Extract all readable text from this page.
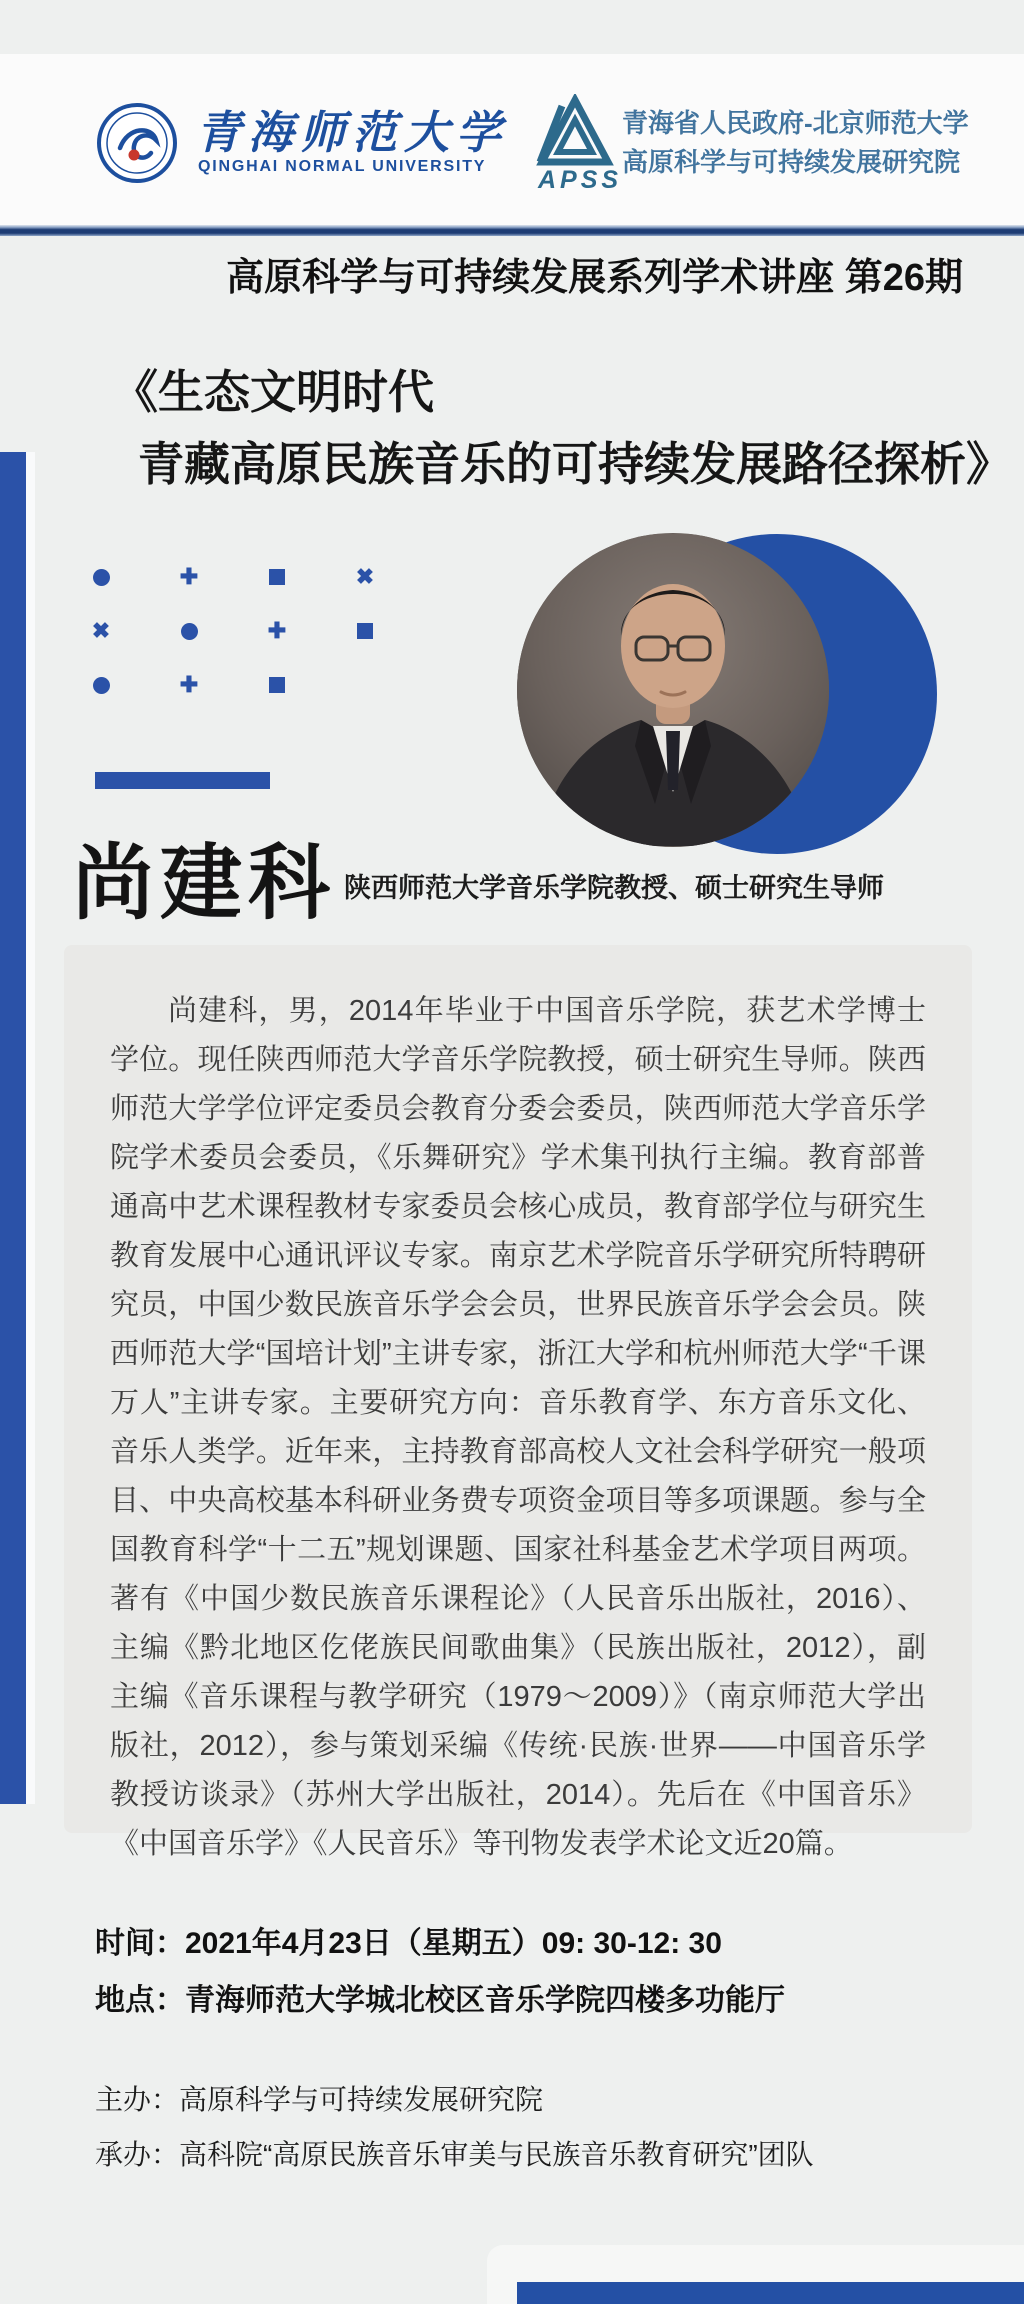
青海师范大学
QINGHAI NORMAL UNIVERSITY APSS
青海省人民政府-北京师范大学
高原科学与可持续发展研究院
高原科学与可持续发展系列学术讲座 第26期
《生态文明时代
青藏高原民族音乐的可持续发展路径探析》
✚	✖
✖	✚
✚
尚建科 陕西师范大学音乐学院教授、硕士研究生导师

尚建科，男，2014年毕业于中国音乐学院，获艺术学博士学位。现任陕西师范大学音乐学院教授，硕士研究生导师。陕西师范大学学位评定委员会教育分委会委员，陕西师范大学音乐学院学术委员会委员，《乐舞研究》学术集刊执行主编。教育部普通高中艺术课程教材专家委员会核心成员，教育部学位与研究生教育发展中心通讯评议专家。南京艺术学院音乐学研究所特聘研究员，中国少数民族音乐学会会员，世界民族音乐学会会员。陕西师范大学“国培计划”主讲专家，浙江大学和杭州师范大学“千课万人”主讲专家。主要研究方向：音乐教育学、东方音乐文化、音乐人类学。近年来，主持教育部高校人文社会科学研究一般项目、中央高校基本科研业务费专项资金项目等多项课题。参与全国教育科学“十二五”规划课题、国家社科基金艺术学项目两项。著有《中国少数民族音乐课程论》（人民音乐出版社，2016）、主编《黔北地区仡佬族民间歌曲集》（民族出版社，2012），副主编《音乐课程与教学研究（1979～2009）》（南京师范大学出版社，2012），参与策划采编《传统·民族·世界——中国音乐学教授访谈录》（苏州大学出版社，2014）。先后在《中国音乐》《中国音乐学》《人民音乐》等刊物发表学术论文近20篇。

时间：2021年4月23日（星期五）09: 30-12: 30
地点：青海师范大学城北校区音乐学院四楼多功能厅
主办：高原科学与可持续发展研究院
承办：高科院“高原民族音乐审美与民族音乐教育研究”团队
